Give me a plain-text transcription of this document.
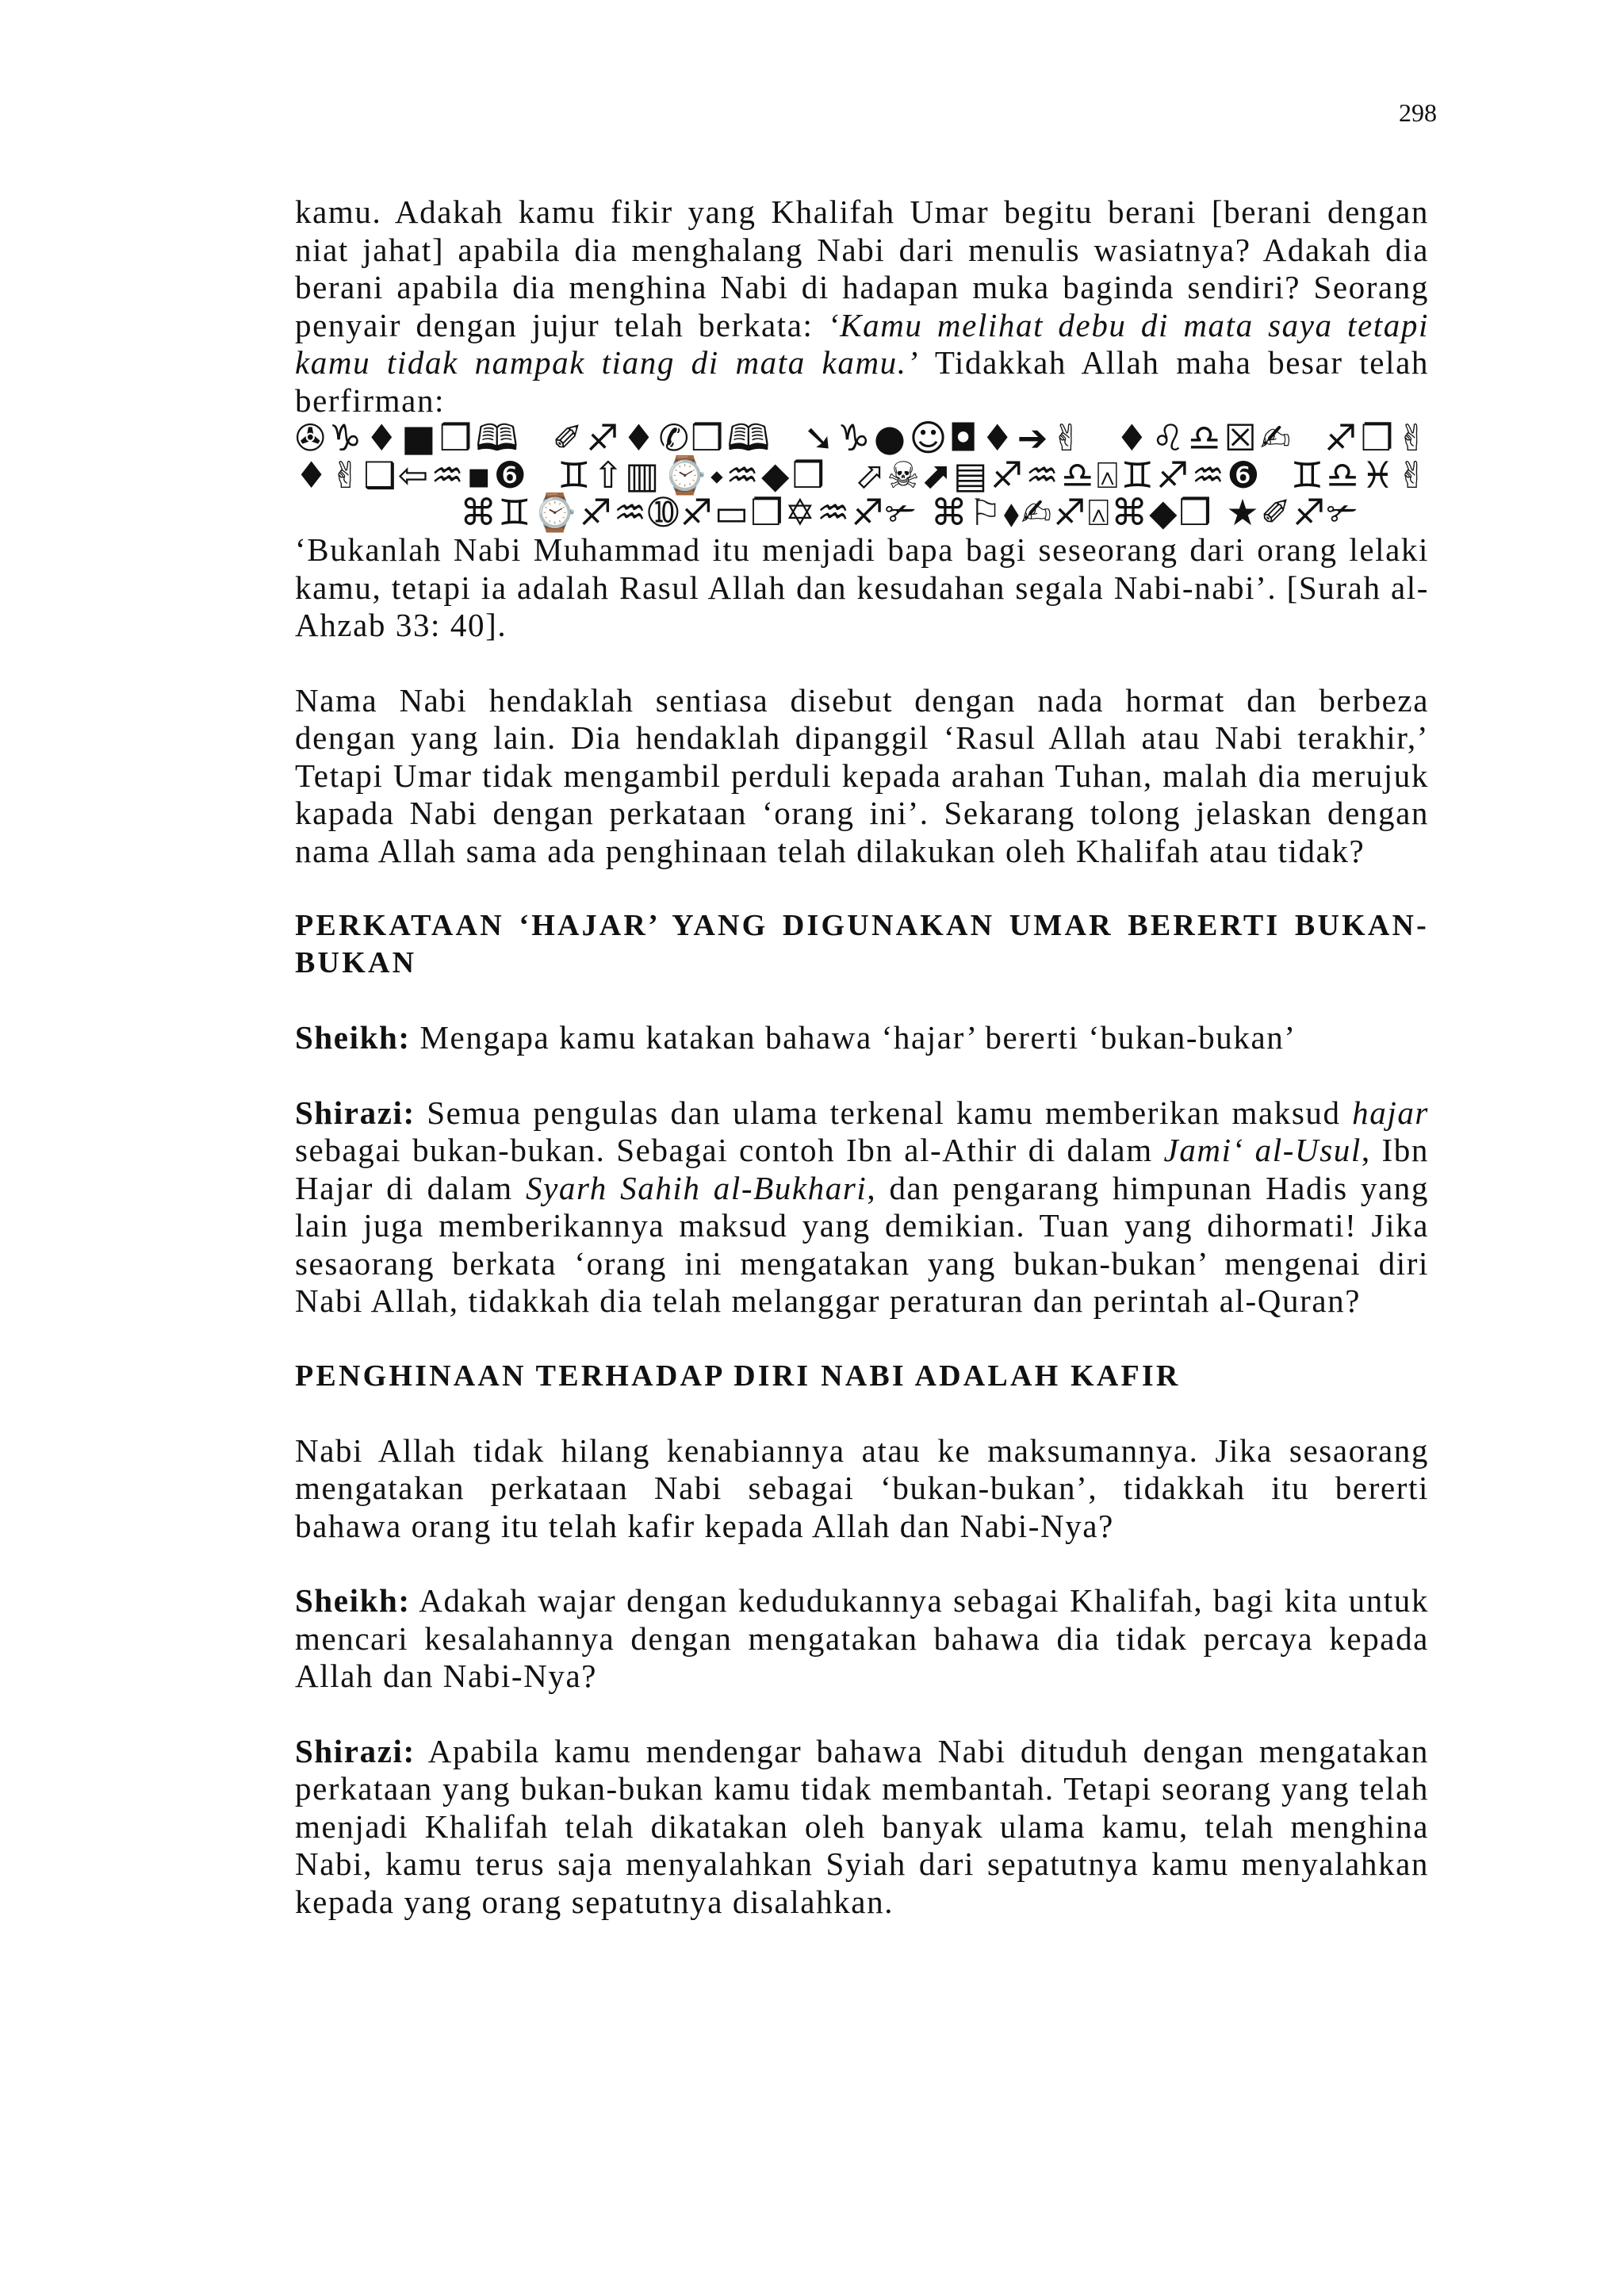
298

kamu. Adakah kamu fikir yang Khalifah Umar begitu berani [berani dengan niat jahat] apabila dia menghalang Nabi dari menulis wasiatnya? Adakah dia berani apabila dia menghina Nabi di hadapan muka baginda sendiri? Seorang penyair dengan jujur telah berkata: ‘Kamu melihat debu di mata saya tetapi kamu tidak nampak tiang di mata kamu.’ Tidakkah Allah maha besar telah berfirman:

✇♑♦■❒🕮  ✐♐♦✆❒🕮  ➘♑●☺◘♦➔✌  ♦♌♎☒✍  ♐❐✌

♦✌❑⇦♒▪❻  ♊⇧▥⌚⬩♒◆❒  ⬀☠⬈▤♐♒♎⍓♊♐♒❻  ♊♎♓✌

⌘♊⌚♐♒➉♐▭❐✡♒♐✃ ⌘⚐⬧✍♐⍓⌘◆❒ ★✐♐✃

‘Bukanlah Nabi Muhammad itu menjadi bapa bagi seseorang dari orang lelaki kamu, tetapi ia adalah Rasul Allah dan kesudahan segala Nabi-nabi’. [Surah al-Ahzab 33: 40].

Nama Nabi hendaklah sentiasa disebut dengan nada hormat dan berbeza dengan yang lain. Dia hendaklah dipanggil ‘Rasul Allah atau Nabi terakhir,’ Tetapi Umar tidak mengambil perduli kepada arahan Tuhan, malah dia merujuk kapada Nabi dengan perkataan ‘orang ini’. Sekarang tolong jelaskan dengan nama Allah sama ada penghinaan telah dilakukan oleh Khalifah atau tidak?

PERKATAAN ‘HAJAR’ YANG DIGUNAKAN UMAR BERERTI BUKAN-BUKAN

Sheikh: Mengapa kamu katakan bahawa ‘hajar’ bererti ‘bukan-bukan’

Shirazi: Semua pengulas dan ulama terkenal kamu memberikan maksud hajar sebagai bukan-bukan. Sebagai contoh Ibn al-Athir di dalam Jami‘ al-Usul, Ibn Hajar di dalam Syarh Sahih al-Bukhari, dan pengarang himpunan Hadis yang lain juga memberikannya maksud yang demikian. Tuan yang dihormati! Jika sesaorang berkata ‘orang ini mengatakan yang bukan-bukan’ mengenai diri Nabi Allah, tidakkah dia telah melanggar peraturan dan perintah al-Quran?

PENGHINAAN TERHADAP DIRI NABI ADALAH KAFIR

Nabi Allah tidak hilang kenabiannya atau ke maksumannya. Jika sesaorang mengatakan perkataan Nabi sebagai ‘bukan-bukan’, tidakkah itu bererti bahawa orang itu telah kafir kepada Allah dan Nabi-Nya?

Sheikh: Adakah wajar dengan kedudukannya sebagai Khalifah, bagi kita untuk mencari kesalahannya dengan mengatakan bahawa dia tidak percaya kepada Allah dan Nabi-Nya?

Shirazi: Apabila kamu mendengar bahawa Nabi dituduh dengan mengatakan perkataan yang bukan-bukan kamu tidak membantah. Tetapi seorang yang telah menjadi Khalifah telah dikatakan oleh banyak ulama kamu, telah menghina Nabi, kamu terus saja menyalahkan Syiah dari sepatutnya kamu menyalahkan kepada yang orang sepatutnya disalahkan.
